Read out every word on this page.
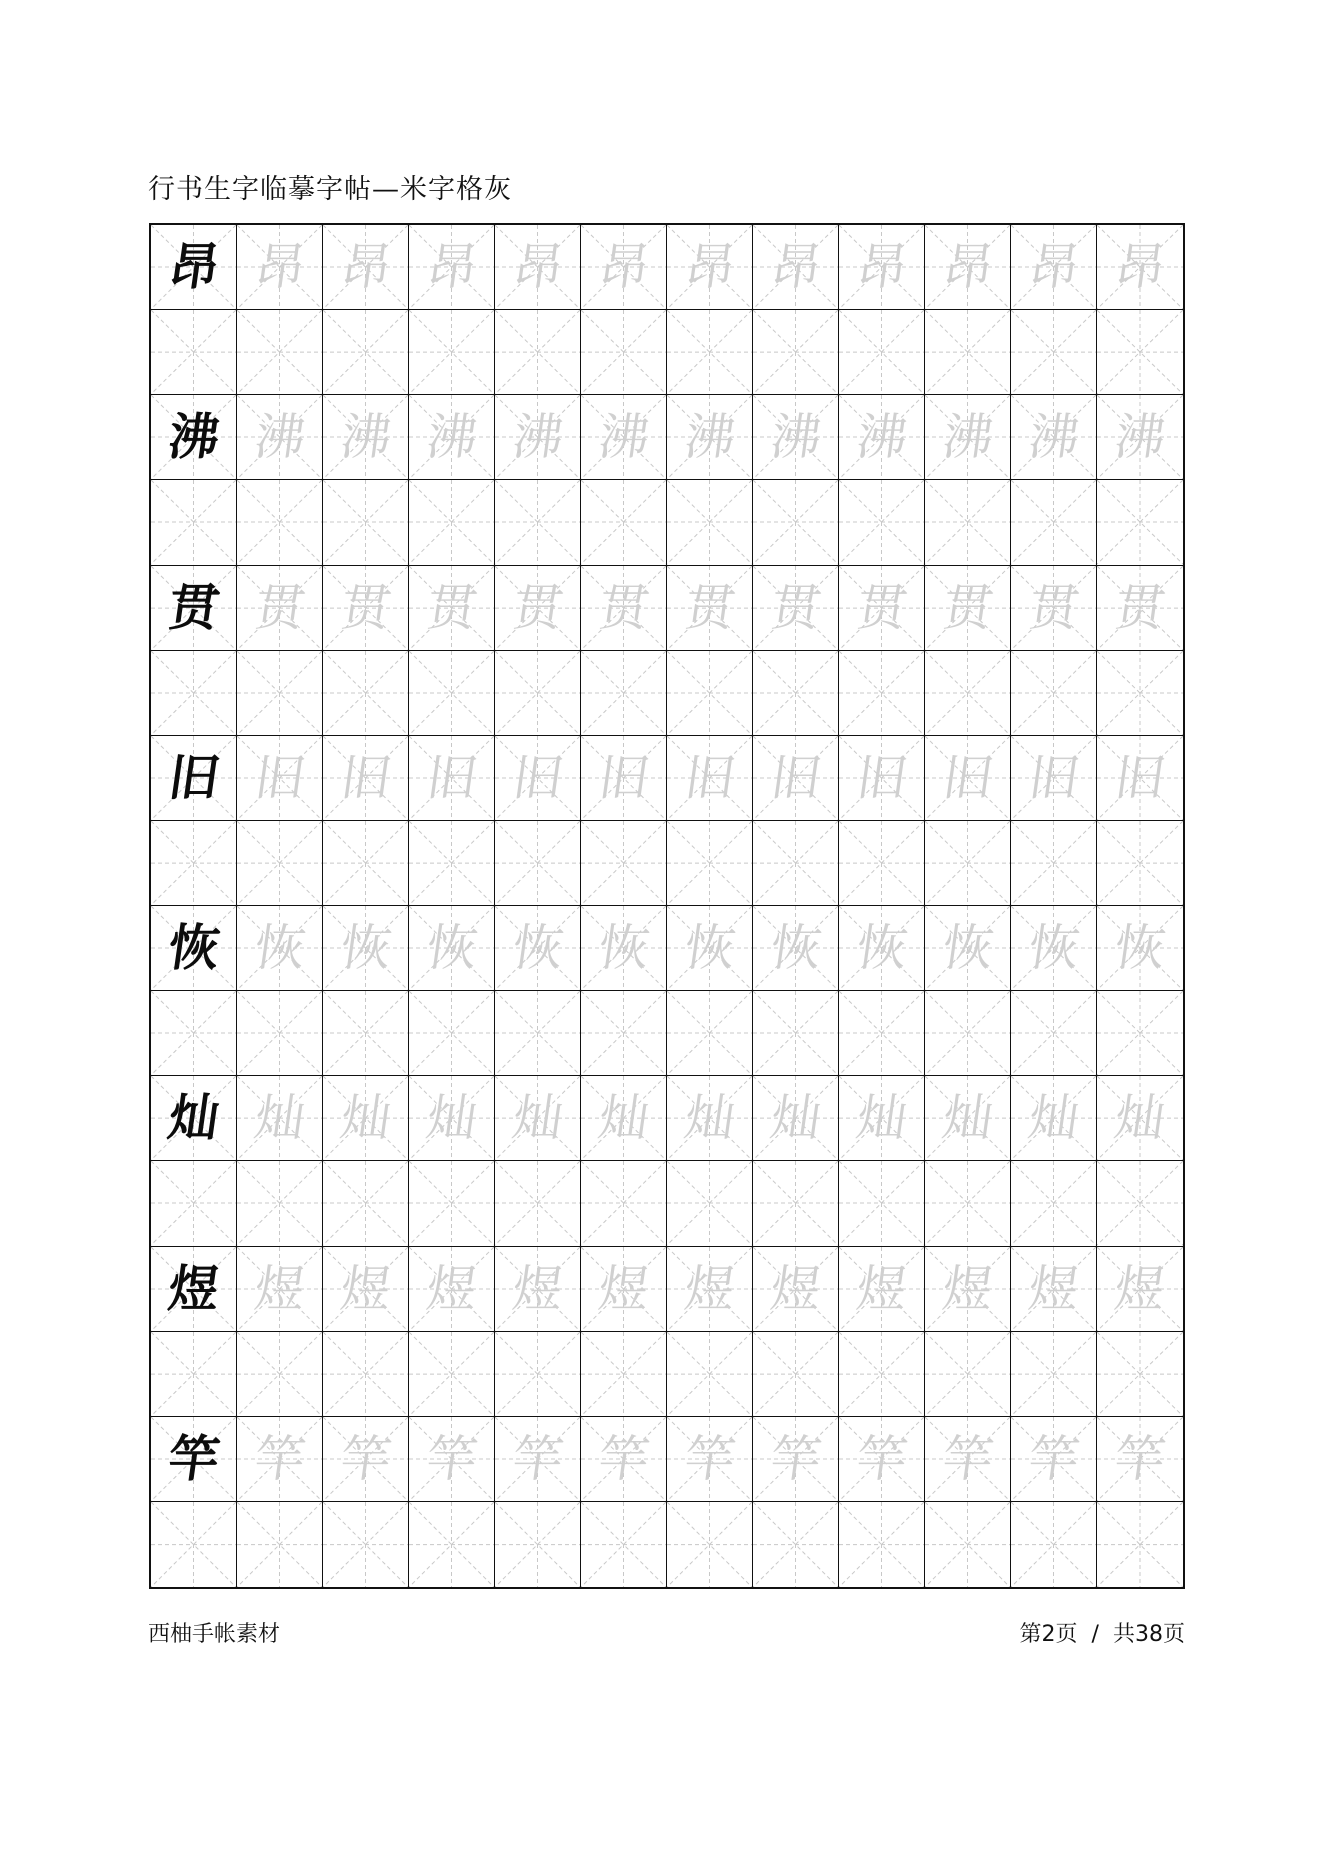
行书生字临摹字帖—米字格灰
昂 昂 昂 昂 昂 昂 昂 昂 昂 昂 昂 昂
沸 沸 沸 沸 沸 沸 沸 沸 沸 沸 沸 沸
贯 贯 贯 贯 贯 贯 贯 贯 贯 贯 贯 贯
旧 旧 旧 旧 旧 旧 旧 旧 旧 旧 旧 旧
恢 恢 恢 恢 恢 恢 恢 恢 恢 恢 恢 恢
灿 灿 灿 灿 灿 灿 灿 灿 灿 灿 灿 灿
煜 煜 煜 煜 煜 煜 煜 煜 煜 煜 煜 煜
竿 竿 竿 竿 竿 竿 竿 竿 竿 竿 竿 竿
西柚手帐素材	第2页 / 共38页
